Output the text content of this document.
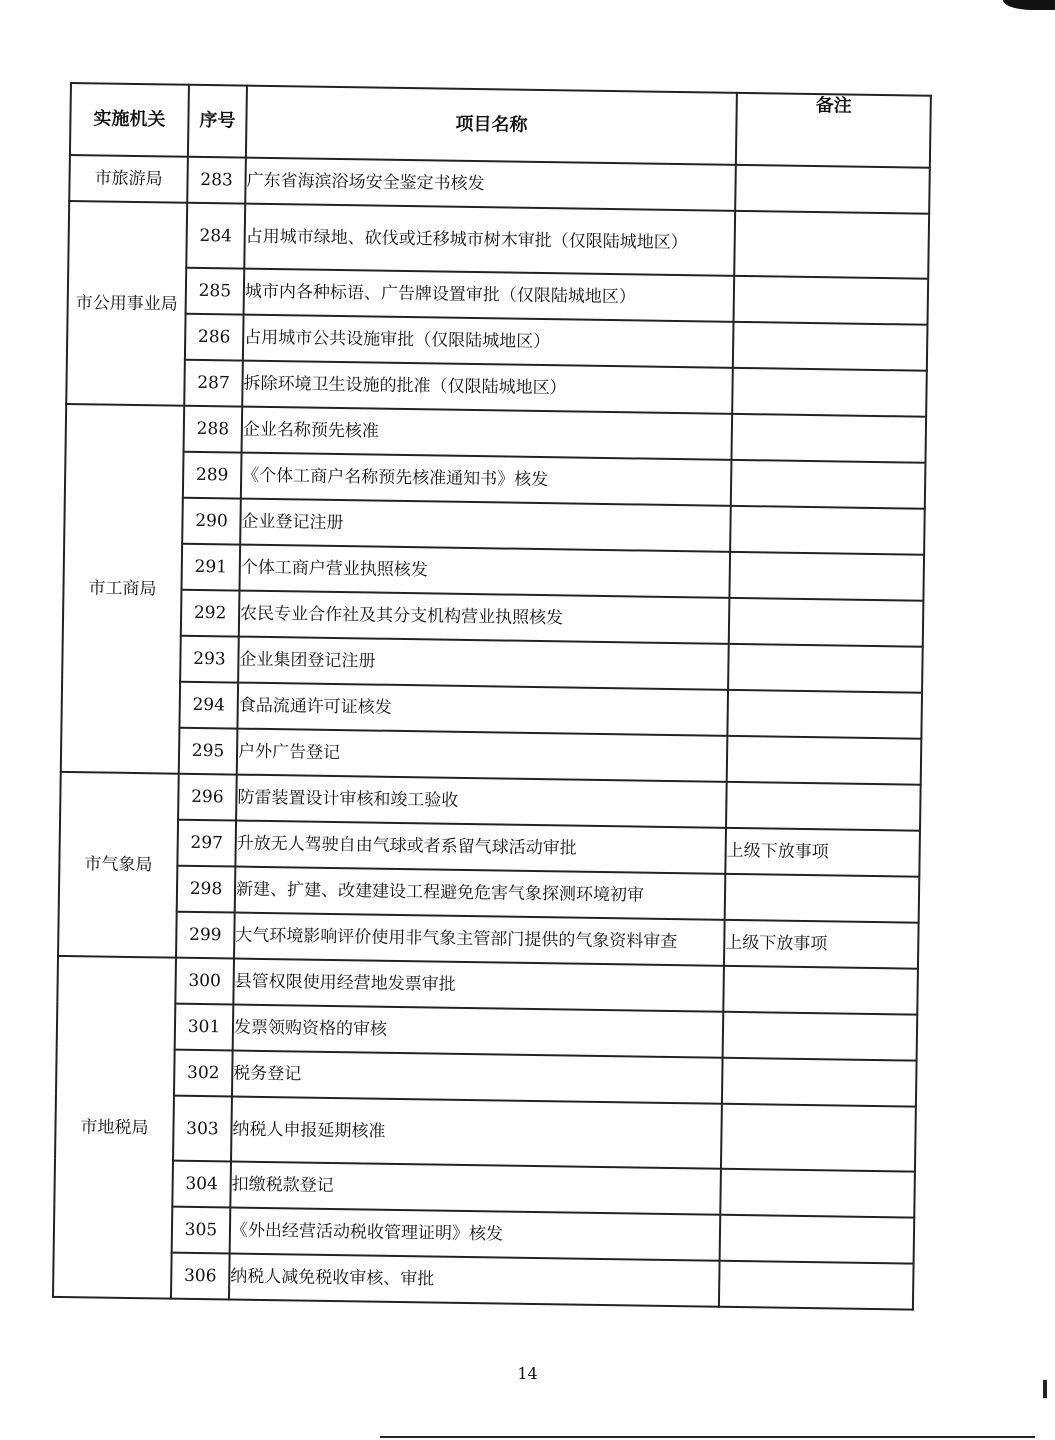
实施机关	序号	项目名称	备注
市旅游局	283	广东省海滨浴场安全鉴定书核发	
市公用事业局	284	占用城市绿地、砍伐或迁移城市树木审批（仅限陆城地区）	
	285	城市内各种标语、广告牌设置审批（仅限陆城地区）	
	286	占用城市公共设施审批（仅限陆城地区）	
	287	拆除环境卫生设施的批准（仅限陆城地区）	
市工商局	288	企业名称预先核准	
	289	《个体工商户名称预先核准通知书》核发	
	290	企业登记注册	
	291	个体工商户营业执照核发	
	292	农民专业合作社及其分支机构营业执照核发	
	293	企业集团登记注册	
	294	食品流通许可证核发	
	295	户外广告登记	
市气象局	296	防雷装置设计审核和竣工验收	
	297	升放无人驾驶自由气球或者系留气球活动审批	上级下放事项
	298	新建、扩建、改建建设工程避免危害气象探测环境初审	
	299	大气环境影响评价使用非气象主管部门提供的气象资料审查	上级下放事项
市地税局	300	县管权限使用经营地发票审批	
	301	发票领购资格的审核	
	302	税务登记	
	303	纳税人申报延期核准	
	304	扣缴税款登记	
	305	《外出经营活动税收管理证明》核发	
	306	纳税人减免税收审核、审批	
14
